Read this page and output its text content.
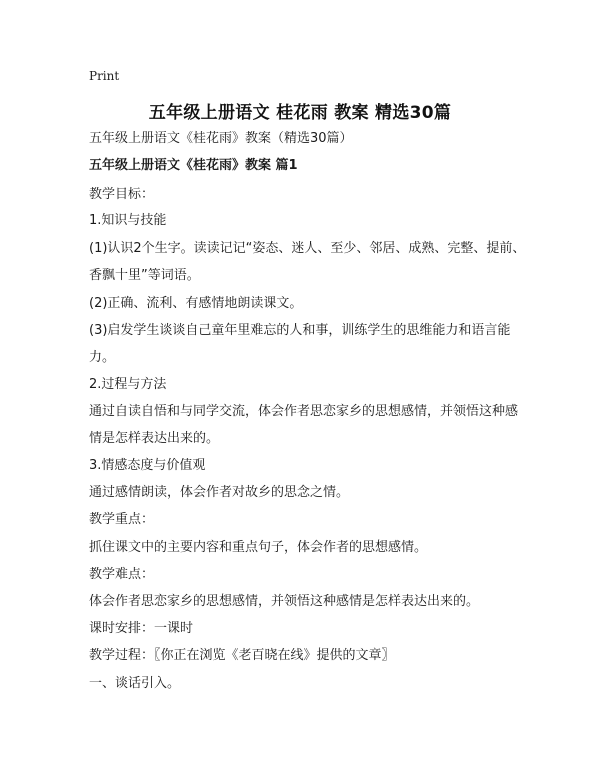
Print
五年级上册语文 桂花雨 教案 精选30篇
五年级上册语文《桂花雨》教案（精选30篇）
五年级上册语文《桂花雨》教案 篇1
教学目标：
1.知识与技能
(1)认识2个生字。读读记记“姿态、迷人、至少、邻居、成熟、完整、提前、
香飘十里”等词语。
(2)正确、流利、有感情地朗读课文。
(3)启发学生谈谈自己童年里难忘的人和事，训练学生的思维能力和语言能
力。
2.过程与方法
通过自读自悟和与同学交流，体会作者思恋家乡的思想感情，并领悟这种感
情是怎样表达出来的。
3.情感态度与价值观
通过感情朗读，体会作者对故乡的思念之情。
教学重点：
抓住课文中的主要内容和重点句子，体会作者的思想感情。
教学难点：
体会作者思恋家乡的思想感情，并领悟这种感情是怎样表达出来的。
课时安排：一课时
教学过程：〖你正在浏览《老百晓在线》提供的文章〗
一、谈话引入。
